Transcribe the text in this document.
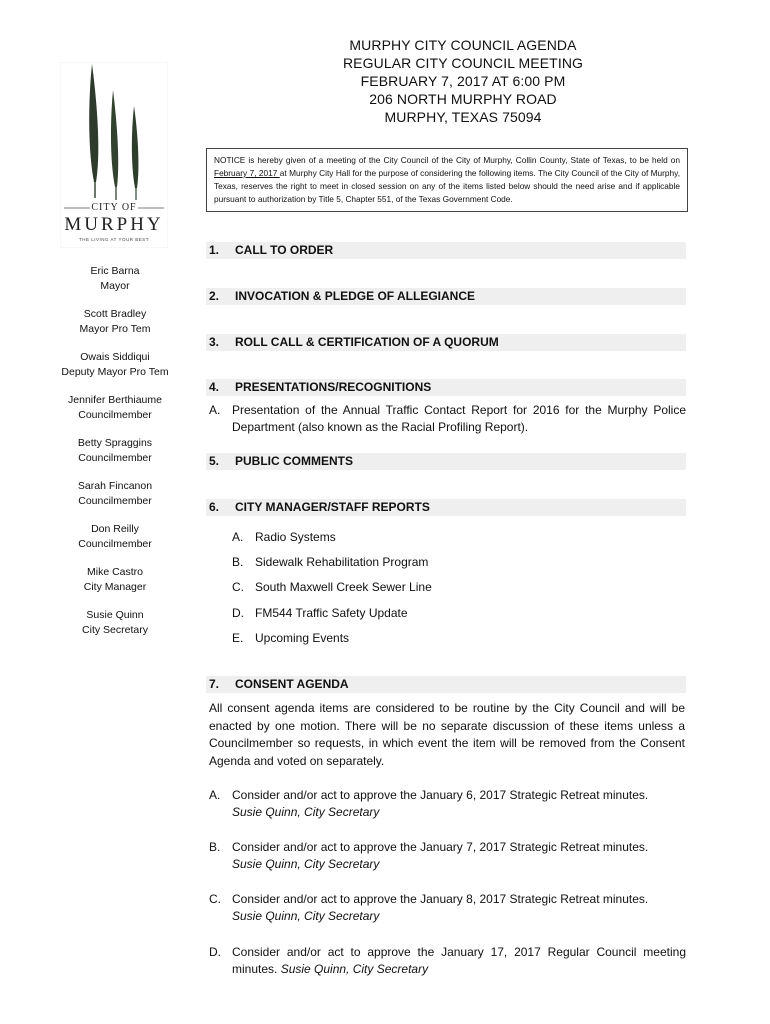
MURPHY CITY COUNCIL AGENDA
REGULAR CITY COUNCIL MEETING
FEBRUARY 7, 2017 AT 6:00 PM
206 NORTH MURPHY ROAD
MURPHY, TEXAS 75094
CITY OF
MURPHY
THE LIVING AT YOUR BEST
Eric Barna
Mayor
Scott Bradley
Mayor Pro Tem
Owais Siddiqui
Deputy Mayor Pro Tem
Jennifer Berthiaume
Councilmember
Betty Spraggins
Councilmember
Sarah Fincanon
Councilmember
Don Reilly
Councilmember
Mike Castro
City Manager
Susie Quinn
City Secretary
NOTICE is hereby given of a meeting of the City Council of the City of Murphy, Collin County, State of Texas, to be held on February 7, 2017 at Murphy City Hall for the purpose of considering the following items. The City Council of the City of Murphy, Texas, reserves the right to meet in closed session on any of the items listed below should the need arise and if applicable pursuant to authorization by Title 5, Chapter 551, of the Texas Government Code.
1. CALL TO ORDER
2. INVOCATION & PLEDGE OF ALLEGIANCE
3. ROLL CALL & CERTIFICATION OF A QUORUM
4. PRESENTATIONS/RECOGNITIONS
A. Presentation of the Annual Traffic Contact Report for 2016 for the Murphy Police Department (also known as the Racial Profiling Report).
5. PUBLIC COMMENTS
6. CITY MANAGER/STAFF REPORTS
A. Radio Systems
B. Sidewalk Rehabilitation Program
C. South Maxwell Creek Sewer Line
D. FM544 Traffic Safety Update
E. Upcoming Events
7. CONSENT AGENDA
All consent agenda items are considered to be routine by the City Council and will be enacted by one motion. There will be no separate discussion of these items unless a Councilmember so requests, in which event the item will be removed from the Consent Agenda and voted on separately.
A. Consider and/or act to approve the January 6, 2017 Strategic Retreat minutes.
Susie Quinn, City Secretary
B. Consider and/or act to approve the January 7, 2017 Strategic Retreat minutes.
Susie Quinn, City Secretary
C. Consider and/or act to approve the January 8, 2017 Strategic Retreat minutes.
Susie Quinn, City Secretary
D. Consider and/or act to approve the January 17, 2017 Regular Council meeting minutes. Susie Quinn, City Secretary
